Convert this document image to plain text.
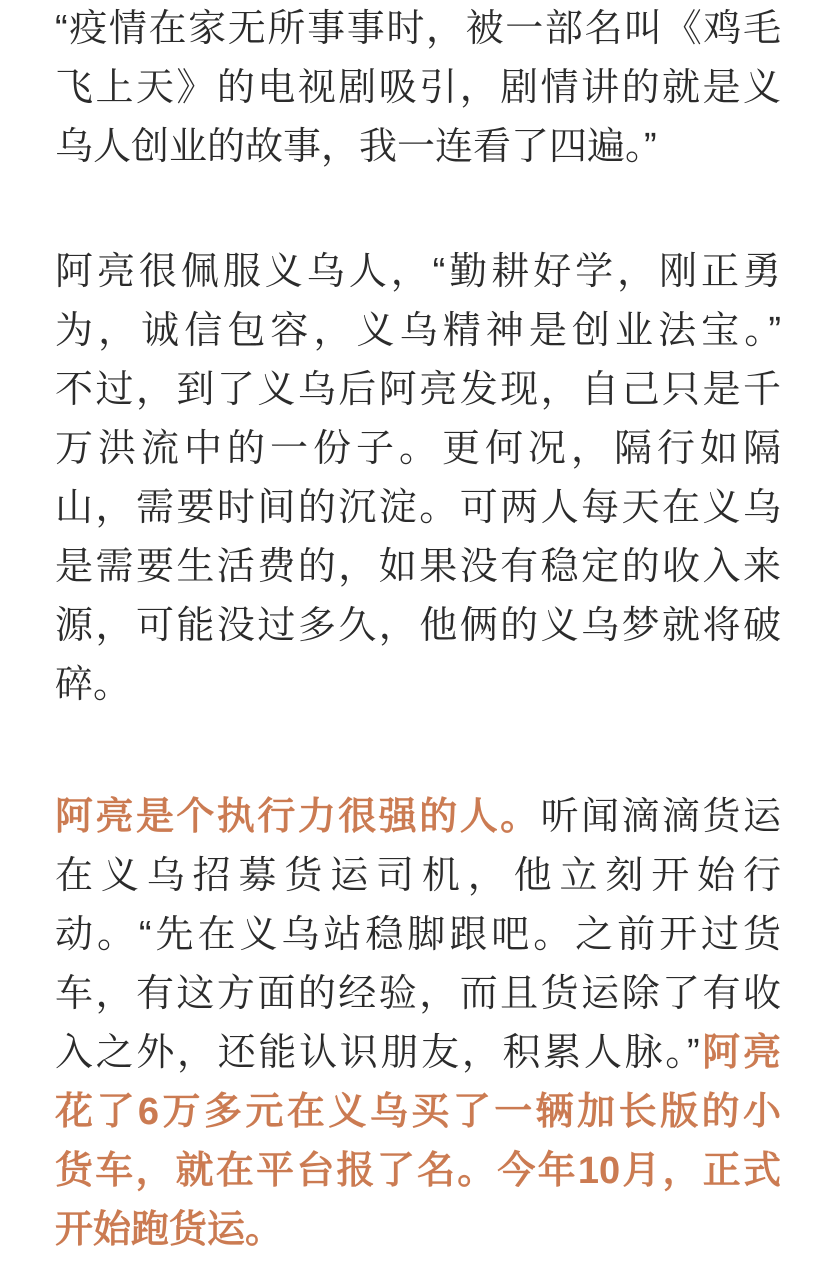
“疫情在家无所事事时，被一部名叫《鸡毛
飞上天》的电视剧吸引，剧情讲的就是义
乌人创业的故事，我一连看了四遍。”
阿亮很佩服义乌人，“勤耕好学，刚正勇
为，诚信包容，义乌精神是创业法宝。”
不过，到了义乌后阿亮发现，自己只是千
万洪流中的一份子。更何况，隔行如隔
山，需要时间的沉淀。可两人每天在义乌
是需要生活费的，如果没有稳定的收入来
源，可能没过多久，他俩的义乌梦就将破
碎。
阿亮是个执行力很强的人。听闻滴滴货运
在义乌招募货运司机，他立刻开始行
动。“先在义乌站稳脚跟吧。之前开过货
车，有这方面的经验，而且货运除了有收
入之外，还能认识朋友，积累人脉。”阿亮
花了6万多元在义乌买了一辆加长版的小
货车，就在平台报了名。今年10月，正式
开始跑货运。
